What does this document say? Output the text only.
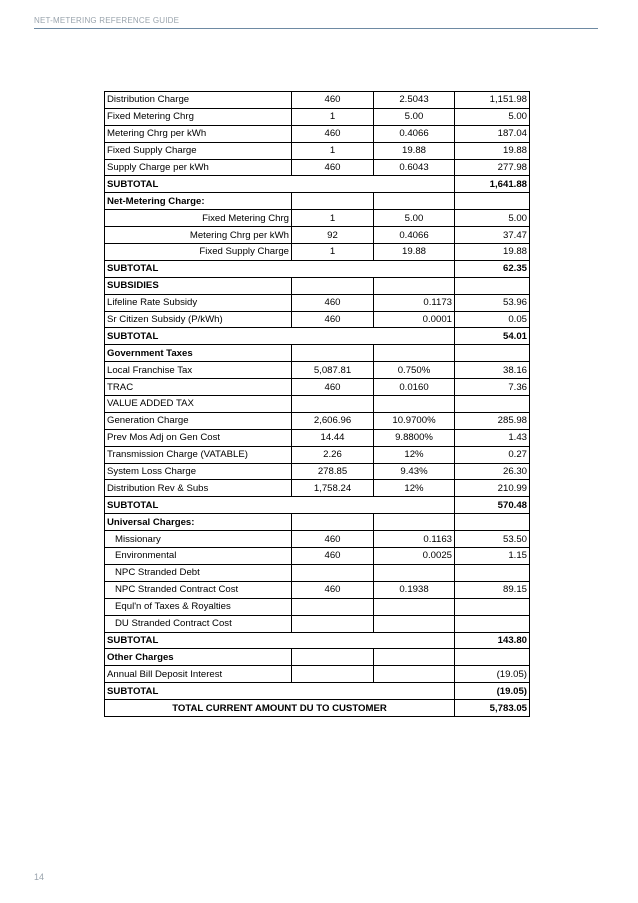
NET-METERING REFERENCE GUIDE
Distribution Charge	460	2.5043	1,151.98
Fixed Metering Chrg	1	5.00	5.00
Metering Chrg per kWh	460	0.4066	187.04
Fixed Supply Charge	1	19.88	19.88
Supply Charge per kWh	460	0.6043	277.98
SUBTOTAL			1,641.88
Net-Metering Charge:			
Fixed Metering Chrg	1	5.00	5.00
Metering Chrg per kWh	92	0.4066	37.47
Fixed Supply Charge	1	19.88	19.88
SUBTOTAL			62.35
SUBSIDIES			
Lifeline Rate Subsidy	460	0.1173	53.96
Sr Citizen Subsidy (P/kWh)	460	0.0001	0.05
SUBTOTAL			54.01
Government Taxes			
Local Franchise Tax	5,087.81	0.750%	38.16
TRAC	460	0.0160	7.36
VALUE ADDED TAX			
Generation Charge	2,606.96	10.9700%	285.98
Prev Mos Adj on Gen Cost	14.44	9.8800%	1.43
Transmission Charge (VATABLE)	2.26	12%	0.27
System Loss Charge	278.85	9.43%	26.30
Distribution Rev & Subs	1,758.24	12%	210.99
SUBTOTAL			570.48
Universal Charges:			
Missionary	460	0.1163	53.50
Environmental	460	0.0025	1.15
NPC Stranded Debt			
NPC Stranded Contract Cost	460	0.1938	89.15
Equl'n of Taxes & Royalties			
DU Stranded Contract Cost			
SUBTOTAL			143.80
Other Charges			
Annual Bill Deposit Interest			(19.05)
SUBTOTAL			(19.05)
TOTAL CURRENT AMOUNT DU TO CUSTOMER			5,783.05
14
